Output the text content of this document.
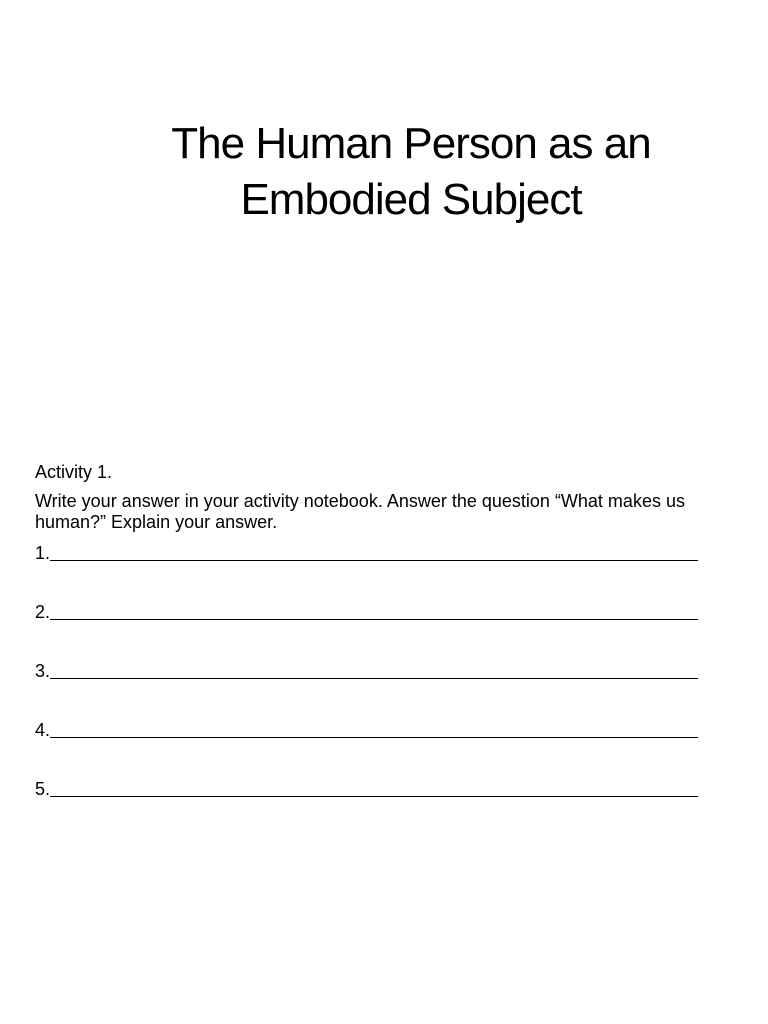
The Human Person as an
Embodied Subject

Activity 1.

Write your answer in your activity notebook. Answer the question “What makes us human?” Explain your answer.

1.
2.
3.
4.
5.
